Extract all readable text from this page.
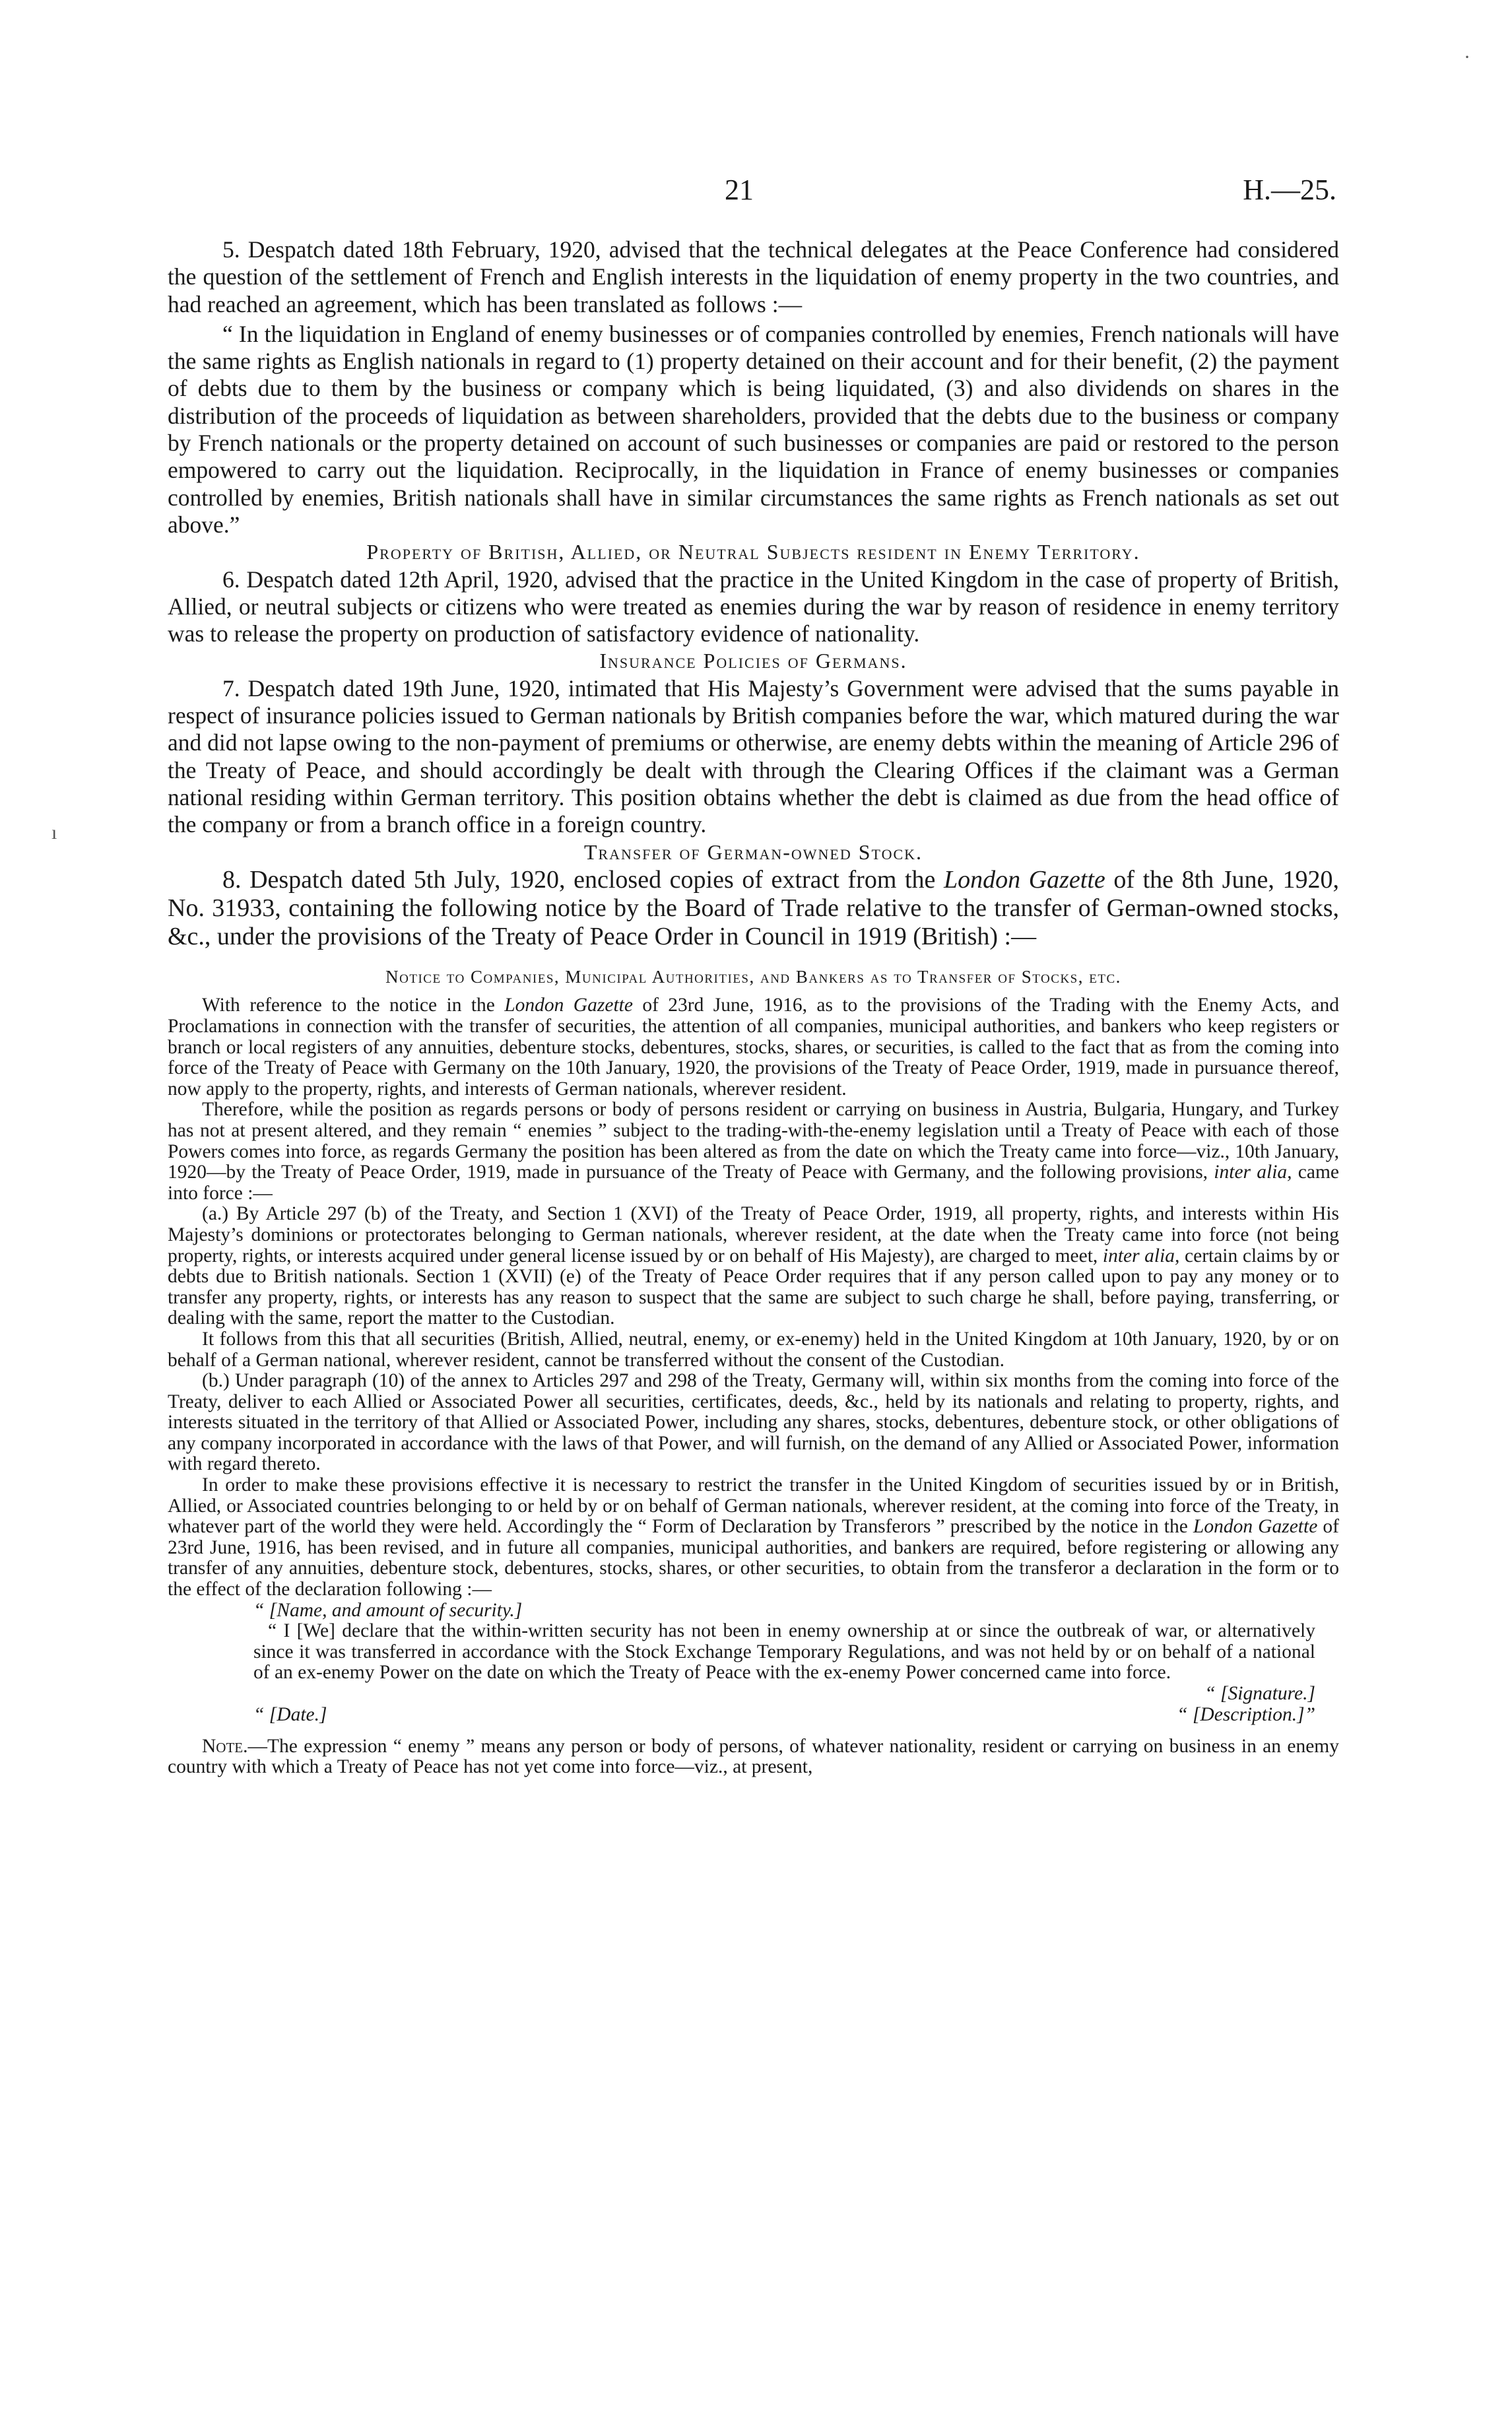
·
ı
21	H.—25.

5. Despatch dated 18th February, 1920, advised that the technical delegates at the Peace Conference had considered the question of the settlement of French and English interests in the liquidation of enemy property in the two countries, and had reached an agreement, which has been translated as follows :—

“ In the liquidation in England of enemy businesses or of companies controlled by enemies, French nationals will have the same rights as English nationals in regard to (1) property detained on their account and for their benefit, (2) the payment of debts due to them by the business or company which is being liquidated, (3) and also dividends on shares in the distribution of the proceeds of liquidation as between shareholders, provided that the debts due to the business or company by French nationals or the property detained on account of such businesses or companies are paid or restored to the person empowered to carry out the liquidation. Reciprocally, in the liquidation in France of enemy businesses or companies controlled by enemies, British nationals shall have in similar circumstances the same rights as French nationals as set out above.”

Property of British, Allied, or Neutral Subjects resident in Enemy Territory.

6. Despatch dated 12th April, 1920, advised that the practice in the United Kingdom in the case of property of British, Allied, or neutral subjects or citizens who were treated as enemies during the war by reason of residence in enemy territory was to release the property on production of satisfactory evidence of nationality.

Insurance Policies of Germans.

7. Despatch dated 19th June, 1920, intimated that His Majesty’s Government were advised that the sums payable in respect of insurance policies issued to German nationals by British companies before the war, which matured during the war and did not lapse owing to the non-payment of premiums or otherwise, are enemy debts within the meaning of Article 296 of the Treaty of Peace, and should accordingly be dealt with through the Clearing Offices if the claimant was a German national residing within German territory. This position obtains whether the debt is claimed as due from the head office of the company or from a branch office in a foreign country.

Transfer of German-owned Stock.

8. Despatch dated 5th July, 1920, enclosed copies of extract from the London Gazette of the 8th June, 1920, No. 31933, containing the following notice by the Board of Trade relative to the transfer of German-owned stocks, &c., under the provisions of the Treaty of Peace Order in Council in 1919 (British) :—

Notice to Companies, Municipal Authorities, and Bankers as to Transfer of Stocks, etc.

With reference to the notice in the London Gazette of 23rd June, 1916, as to the provisions of the Trading with the Enemy Acts, and Proclamations in connection with the transfer of securities, the attention of all companies, municipal authorities, and bankers who keep registers or branch or local registers of any annuities, debenture stocks, debentures, stocks, shares, or securities, is called to the fact that as from the coming into force of the Treaty of Peace with Germany on the 10th January, 1920, the provisions of the Treaty of Peace Order, 1919, made in pursuance thereof, now apply to the property, rights, and interests of German nationals, wherever resident.

Therefore, while the position as regards persons or body of persons resident or carrying on business in Austria, Bulgaria, Hungary, and Turkey has not at present altered, and they remain “ enemies ” subject to the trading-with-the-enemy legislation until a Treaty of Peace with each of those Powers comes into force, as regards Germany the position has been altered as from the date on which the Treaty came into force—viz., 10th January, 1920—by the Treaty of Peace Order, 1919, made in pursuance of the Treaty of Peace with Germany, and the following provisions, inter alia, came into force :—

(a.) By Article 297 (b) of the Treaty, and Section 1 (XVI) of the Treaty of Peace Order, 1919, all property, rights, and interests within His Majesty’s dominions or protectorates belonging to German nationals, wherever resident, at the date when the Treaty came into force (not being property, rights, or interests acquired under general license issued by or on behalf of His Majesty), are charged to meet, inter alia, certain claims by or debts due to British nationals. Section 1 (XVII) (e) of the Treaty of Peace Order requires that if any person called upon to pay any money or to transfer any property, rights, or interests has any reason to suspect that the same are subject to such charge he shall, before paying, transferring, or dealing with the same, report the matter to the Custodian.

It follows from this that all securities (British, Allied, neutral, enemy, or ex-enemy) held in the United Kingdom at 10th January, 1920, by or on behalf of a German national, wherever resident, cannot be transferred without the consent of the Custodian.

(b.) Under paragraph (10) of the annex to Articles 297 and 298 of the Treaty, Germany will, within six months from the coming into force of the Treaty, deliver to each Allied or Associated Power all securities, certificates, deeds, &c., held by its nationals and relating to property, rights, and interests situated in the territory of that Allied or Associated Power, including any shares, stocks, debentures, debenture stock, or other obligations of any company incorporated in accordance with the laws of that Power, and will furnish, on the demand of any Allied or Associated Power, information with regard thereto.

In order to make these provisions effective it is necessary to restrict the transfer in the United Kingdom of securities issued by or in British, Allied, or Associated countries belonging to or held by or on behalf of German nationals, wherever resident, at the coming into force of the Treaty, in whatever part of the world they were held. Accordingly the “ Form of Declaration by Transferors ” prescribed by the notice in the London Gazette of 23rd June, 1916, has been revised, and in future all companies, municipal authorities, and bankers are required, before registering or allowing any transfer of any annuities, debenture stock, debentures, stocks, shares, or other securities, to obtain from the transferor a declaration in the form or to the effect of the declaration following :—

“ [Name, and amount of security.]

“ I [We] declare that the within-written security has not been in enemy ownership at or since the outbreak of war, or alternatively since it was transferred in accordance with the Stock Exchange Temporary Regulations, and was not held by or on behalf of a national of an ex-enemy Power on the date on which the Treaty of Peace with the ex-enemy Power concerned came into force.

“ [Signature.]

“ [Date.]	“ [Description.]”

Note.—The expression “ enemy ” means any person or body of persons, of whatever nationality, resident or carrying on business in an enemy country with which a Treaty of Peace has not yet come into force—viz., at present,
